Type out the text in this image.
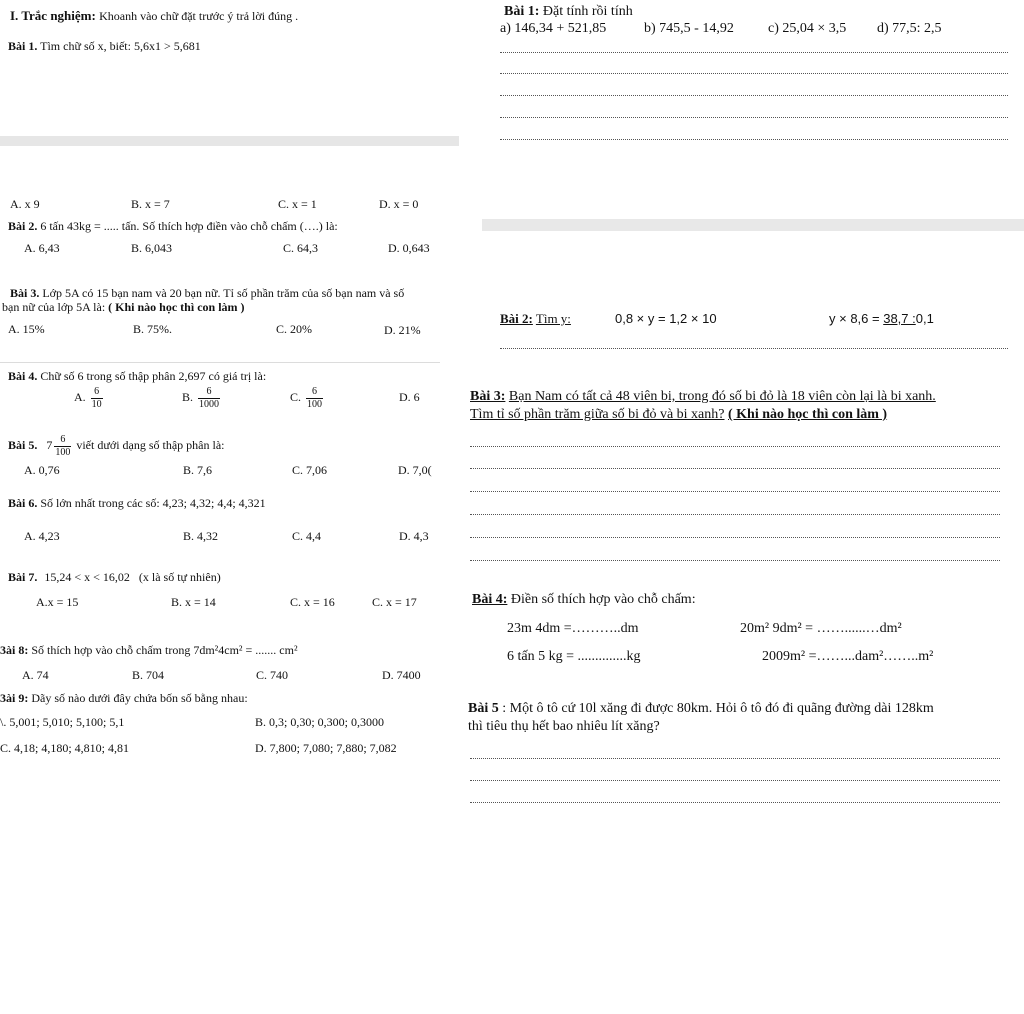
I. Trắc nghiệm: Khoanh vào chữ đặt trước ý trả lời đúng .
Bài 1. Tìm chữ số x, biết: 5,6x1 > 5,681
A. x 9	B. x = 7	C. x = 1	D. x = 0
Bài 2. 6 tấn 43kg = ..... tấn. Số thích hợp điền vào chỗ chấm (….) là:
A. 6,43	B. 6,043	C. 64,3	D. 0,643
Bài 3. Lớp 5A có 15 bạn nam và 20 bạn nữ. Tỉ số phần trăm của số bạn nam và số
bạn nữ của lớp 5A là: ( Khi nào học thì con làm )
A. 15%	B. 75%.	C. 20%	D. 21%
Bài 4. Chữ số 6 trong số thập phân 2,697 có giá trị là:
A. $\frac{6}{10}$	B. $\frac{6}{1000}$	C. $\frac{6}{100}$	D. 6
Bài 5. $7 \frac{6}{100}$ viết dưới dạng số thập phân là:
A. 0,76	B. 7,6	C. 7,06	D. 7,0(
Bài 6. Số lớn nhất trong các số: 4,23; 4,32; 4,4; 4,321
A. 4,23	B. 4,32	C. 4,4	D. 4,3
Bài 7. 15,24 < x < 16,02 (x là số tự nhiên)
A.x = 15	B. x = 14	C. x = 16	C. x = 17
3ài 8: Số thích hợp vào chỗ chấm trong 7dm²4cm² = ....... cm²
A. 74	B. 704	C. 740	D. 7400
3ài 9: Dãy số nào dưới đây chứa bốn số bằng nhau:
\. 5,001; 5,010; 5,100; 5,1	B. 0,3; 0,30; 0,300; 0,3000
C. 4,18; 4,180; 4,810; 4,81	D. 7,800; 7,080; 7,880; 7,082
Bài 1: Đặt tính rồi tính
a) 146,34 + 521,85	b) 745,5 - 14,92 c) 25,04 × 3,5 d) 77,5: 2,5
Bài 2: Tìm y:	0,8 × y = 1,2 × 10	y × 8,6 = 38,7 :0,1
Bài 3: Bạn Nam có tất cả 48 viên bi, trong đó số bi đỏ là 18 viên còn lại là bi xanh.
Tìm tỉ số phần trăm giữa số bi đỏ và bi xanh? ( Khi nào học thì con làm )
Bài 4: Điền số thích hợp vào chỗ chấm:
23m 4dm =………..dm	20m² 9dm² = ……......…dm²
6 tấn 5 kg = ..............kg	2009m² =……...dam²……..m²
Bài 5 : Một ô tô cứ 10l xăng đi được 80km. Hỏi ô tô đó đi quãng đường dài 128km
thì tiêu thụ hết bao nhiêu lít xăng?
